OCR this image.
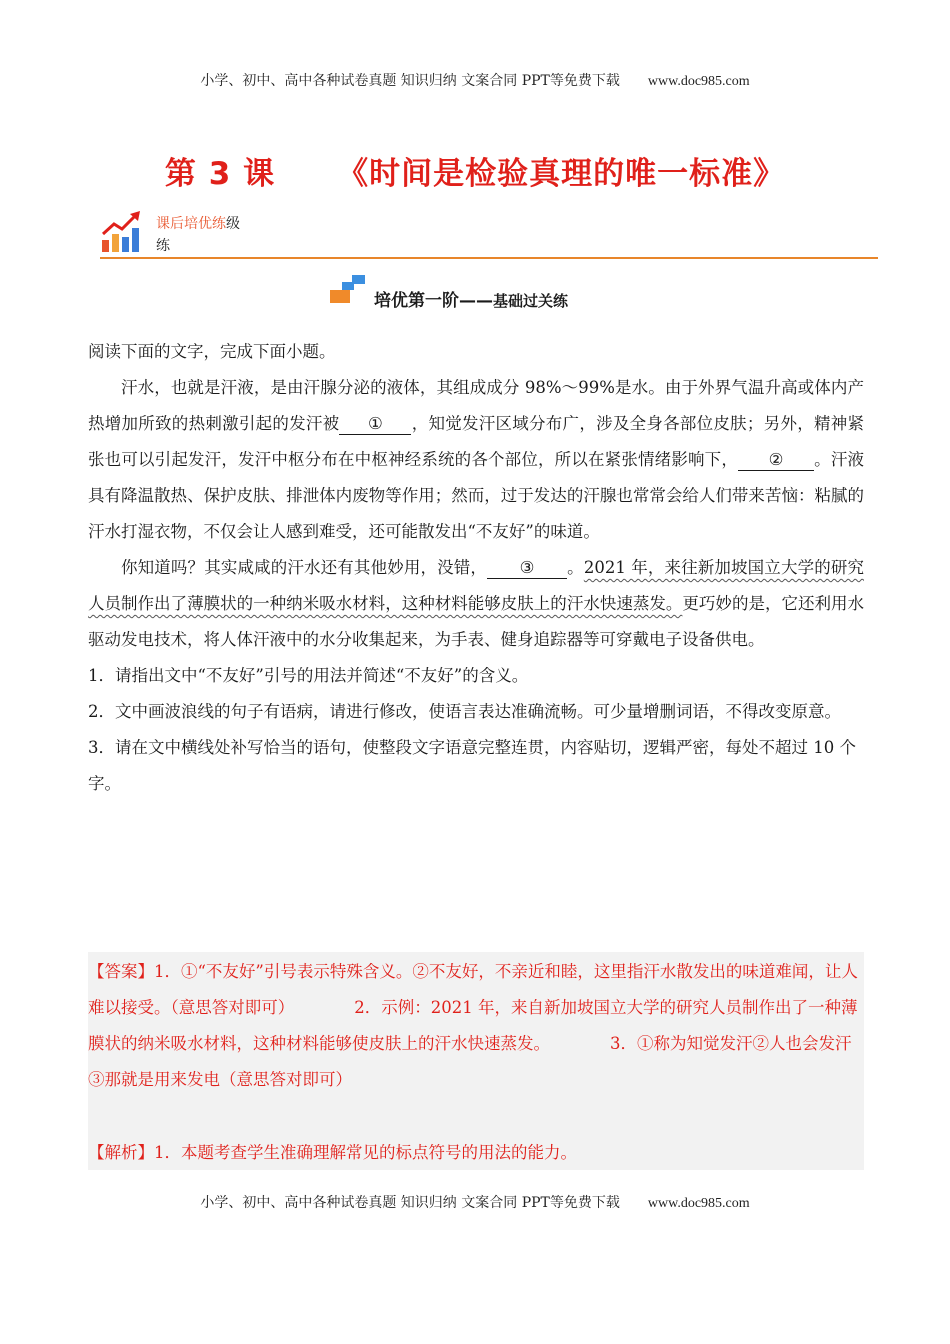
小学、初中、高中各种试卷真题 知识归纳 文案合同 PPT等免费下载 www.doc985.com
第 3 课 《时间是检验真理的唯一标准》
课后培优练级
练
培优第一阶——基础过关练

阅读下面的文字，完成下面小题。

汗水，也就是汗液，是由汗腺分泌的液体，其组成成分 98%～99%是水。由于外界气温升高或体内产热增加所致的热刺激引起的发汗被 ① ，知觉发汗区域分布广，涉及全身各部位皮肤；另外，精神紧张也可以引起发汗，发汗中枢分布在中枢神经系统的各个部位，所以在紧张情绪影响下， ② 。汗液具有降温散热、保护皮肤、排泄体内废物等作用；然而，过于发达的汗腺也常常会给人们带来苦恼：粘腻的汗水打湿衣物，不仅会让人感到难受，还可能散发出“不友好”的味道。

你知道吗？其实咸咸的汗水还有其他妙用，没错， ③ 。2021 年，来往新加坡国立大学的研究人员制作出了薄膜状的一种纳米吸水材料，这种材料能够皮肤上的汗水快速蒸发。更巧妙的是，它还利用水驱动发电技术，将人体汗液中的水分收集起来，为手表、健身追踪器等可穿戴电子设备供电。

1．请指出文中“不友好”引号的用法并简述“不友好”的含义。

2．文中画波浪线的句子有语病，请进行修改，使语言表达准确流畅。可少量增删词语，不得改变原意。

3．请在文中横线处补写恰当的语句，使整段文字语意完整连贯，内容贴切，逻辑严密，每处不超过 10 个字。

【答案】1．①“不友好”引号表示特殊含义。②不友好，不亲近和睦，这里指汗水散发出的味道难闻，让人难以接受。（意思答对即可）	2．示例：2021 年，来自新加坡国立大学的研究人员制作出了一种薄膜状的纳米吸水材料，这种材料能够使皮肤上的汗水快速蒸发。	3．①称为知觉发汗②人也会发汗③那就是用来发电（意思答对即可）

【解析】1．本题考查学生准确理解常见的标点符号的用法的能力。
小学、初中、高中各种试卷真题 知识归纳 文案合同 PPT等免费下载 www.doc985.com
